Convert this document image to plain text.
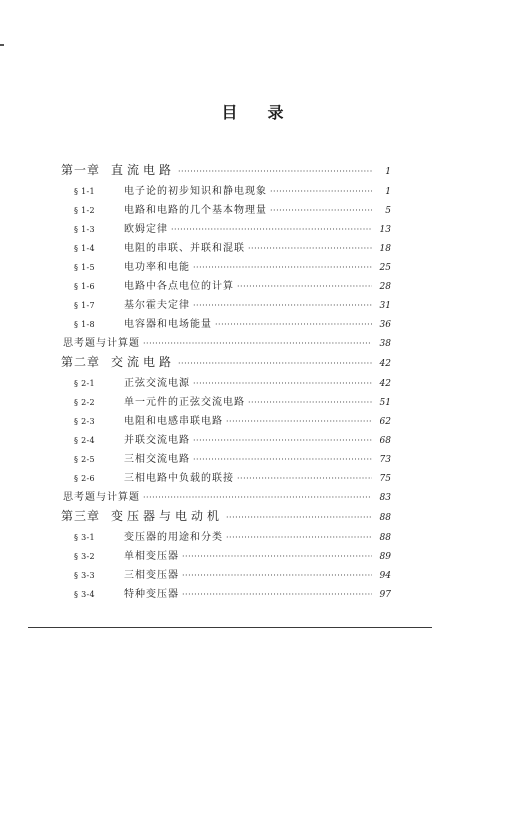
目 录
第一章 直流电路 ·····	1
§ 1-1	电子论的初步知识和静电现象 ·····	1
§ 1-2	电路和电路的几个基本物理量 ·····	5
§ 1-3	欧姆定律 ·····	13
§ 1-4	电阻的串联、并联和混联 ·····	18
§ 1-5	电功率和电能 ·····	25
§ 1-6	电路中各点电位的计算 ·····	28
§ 1-7	基尔霍夫定律 ·····	31
§ 1-8	电容器和电场能量 ·····	36
思考题与计算题 ·····	38
第二章 交流电路 ·····	42
§ 2-1	正弦交流电源 ·····	42
§ 2-2	单一元件的正弦交流电路 ·····	51
§ 2-3	电阻和电感串联电路 ·····	62
§ 2-4	并联交流电路 ·····	68
§ 2-5	三相交流电路 ·····	73
§ 2-6	三相电路中负载的联接 ·····	75
思考题与计算题 ·····	83
第三章 变压器与电动机 ·····	88
§ 3-1	变压器的用途和分类 ·····	88
§ 3-2	单相变压器 ·····	89
§ 3-3	三相变压器 ·····	94
§ 3-4	特种变压器 ·····	97
